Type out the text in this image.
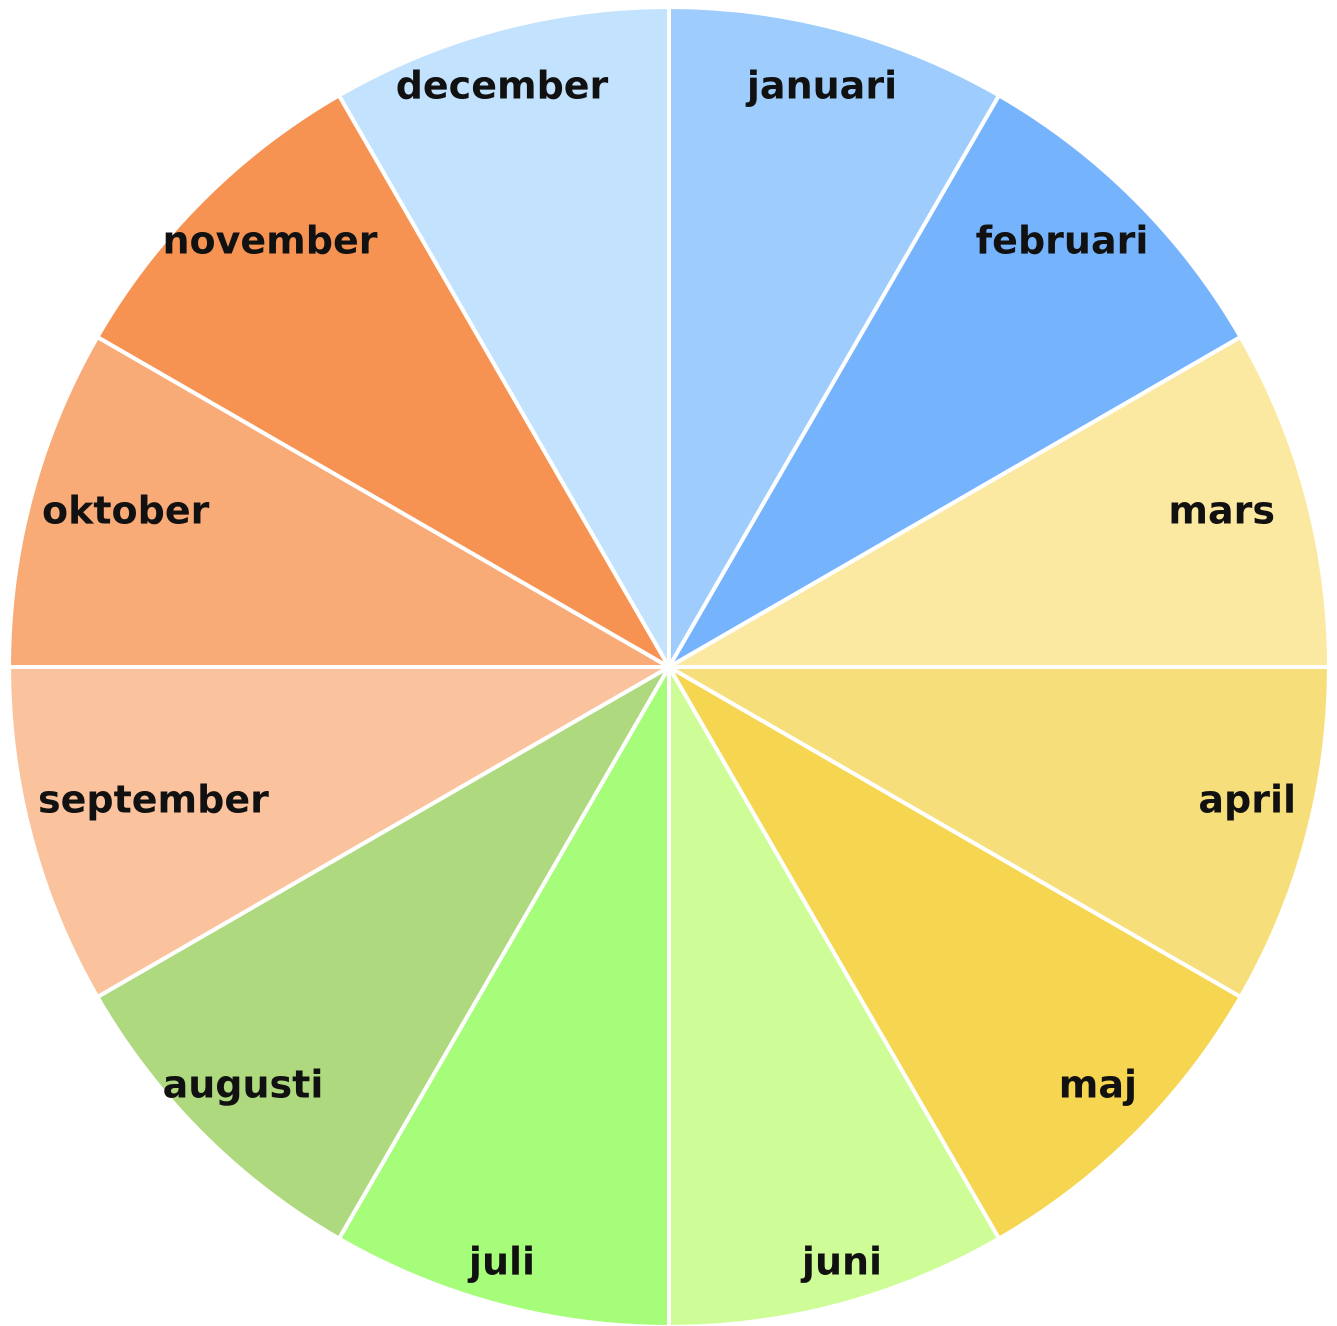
januari
februari
mars
april
maj
juni
juli
augusti
september
oktober
november
december
